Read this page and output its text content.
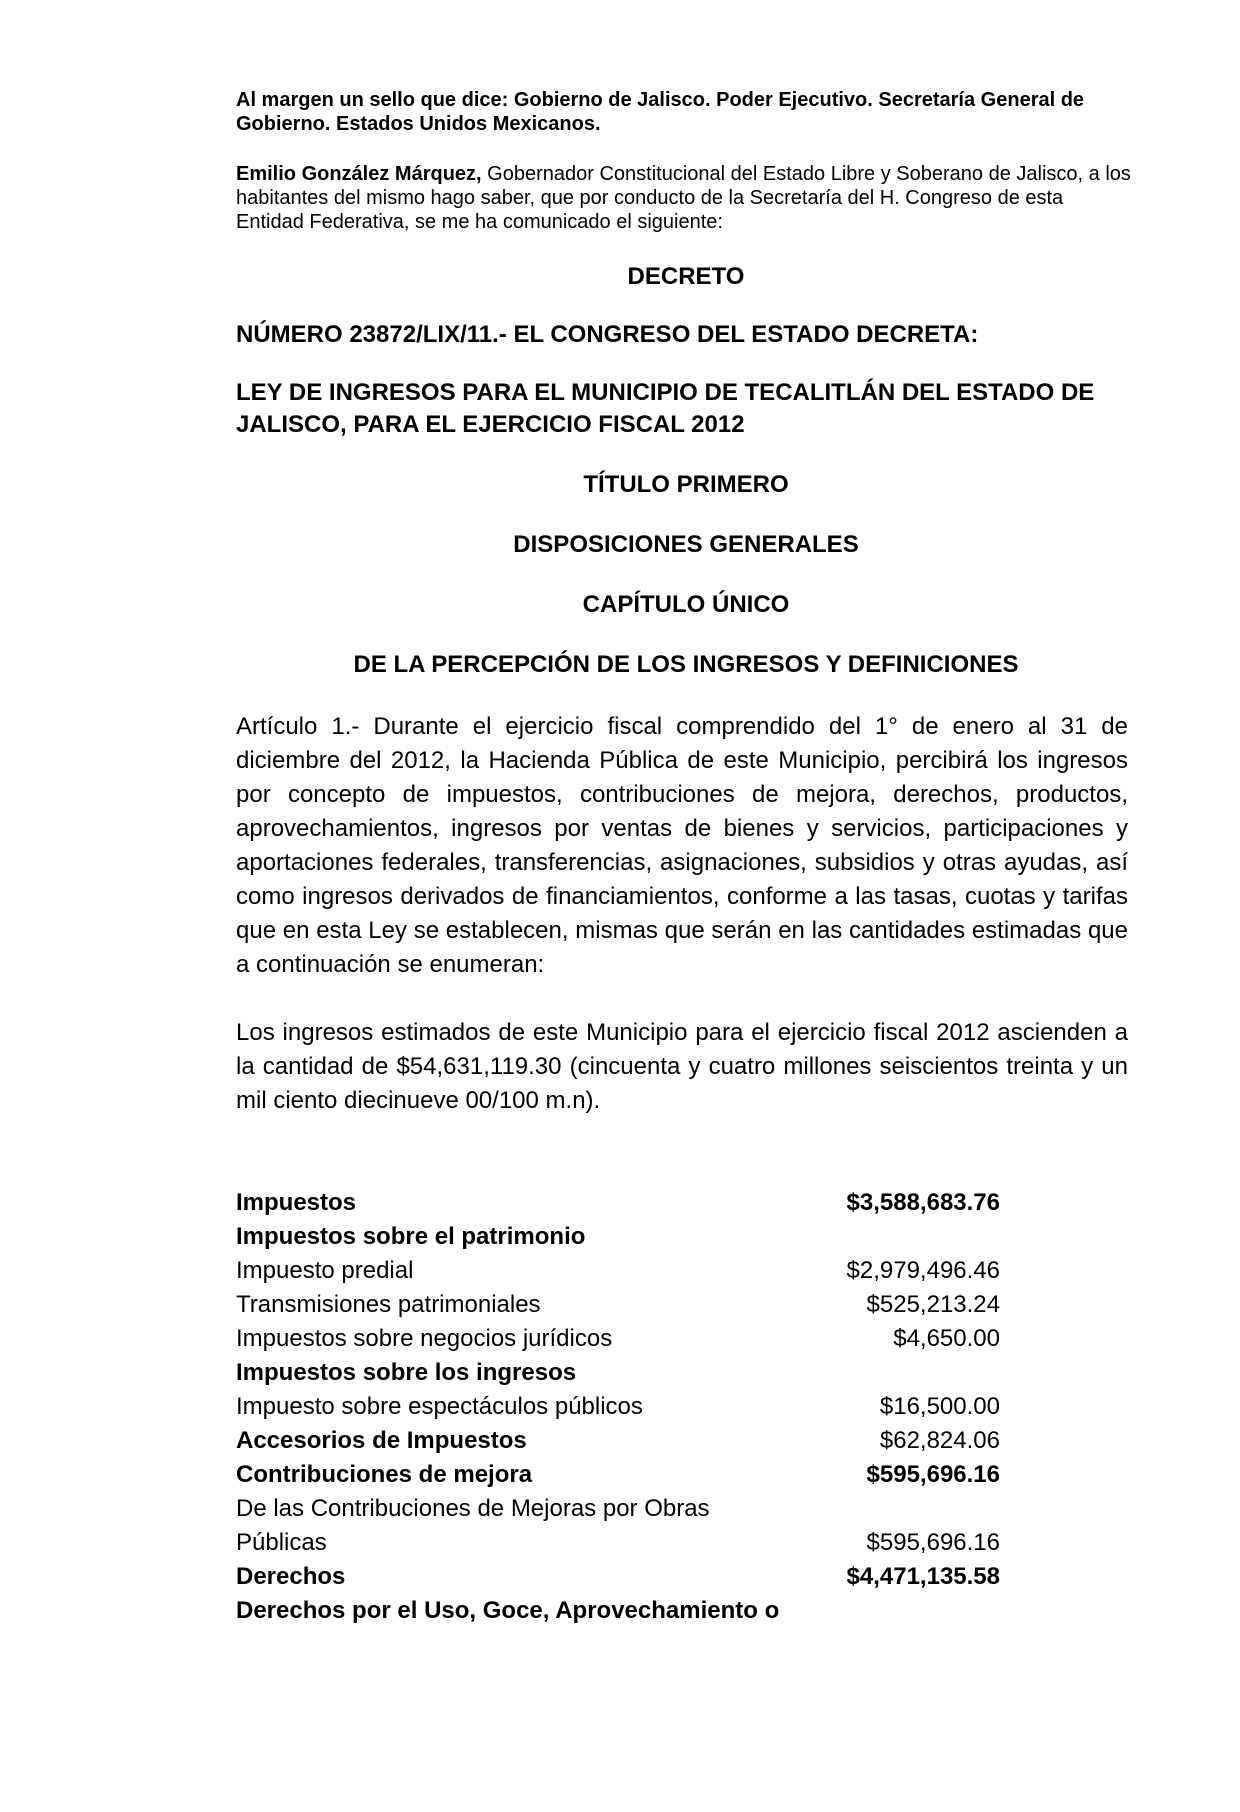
Al margen un sello que dice: Gobierno de Jalisco. Poder Ejecutivo. Secretaría General de Gobierno. Estados Unidos Mexicanos.
Emilio González Márquez, Gobernador Constitucional del Estado Libre y Soberano de Jalisco, a los habitantes del mismo hago saber, que por conducto de la Secretaría del H. Congreso de esta Entidad Federativa, se me ha comunicado el siguiente:
DECRETO
NÚMERO 23872/LIX/11.- EL CONGRESO DEL ESTADO DECRETA:
LEY DE INGRESOS PARA EL MUNICIPIO DE TECALITLÁN DEL ESTADO DE
JALISCO, PARA EL EJERCICIO FISCAL 2012
TÍTULO PRIMERO
DISPOSICIONES GENERALES
CAPÍTULO ÚNICO
DE LA PERCEPCIÓN DE LOS INGRESOS Y DEFINICIONES
Artículo 1.- Durante el ejercicio fiscal comprendido del 1° de enero al 31 de diciembre del 2012, la Hacienda Pública de este Municipio, percibirá los ingresos por concepto de impuestos, contribuciones de mejora, derechos, productos, aprovechamientos, ingresos por ventas de bienes y servicios, participaciones y aportaciones federales, transferencias, asignaciones, subsidios y otras ayudas, así como ingresos derivados de financiamientos, conforme a las tasas, cuotas y tarifas que en esta Ley se establecen, mismas que serán en las cantidades estimadas que a continuación se enumeran:
Los ingresos estimados de este Municipio para el ejercicio fiscal 2012 ascienden a la cantidad de $54,631,119.30 (cincuenta y cuatro millones seiscientos treinta y un mil ciento diecinueve 00/100 m.n).
Impuestos	$3,588,683.76
Impuestos sobre el patrimonio
Impuesto predial	$2,979,496.46
Transmisiones patrimoniales	$525,213.24
Impuestos sobre negocios jurídicos	$4,650.00
Impuestos sobre los ingresos
Impuesto sobre espectáculos públicos	$16,500.00
Accesorios de Impuestos	$62,824.06
Contribuciones de mejora	$595,696.16
De las Contribuciones de Mejoras por Obras
Públicas	$595,696.16
Derechos	$4,471,135.58
Derechos por el Uso, Goce, Aprovechamiento o
